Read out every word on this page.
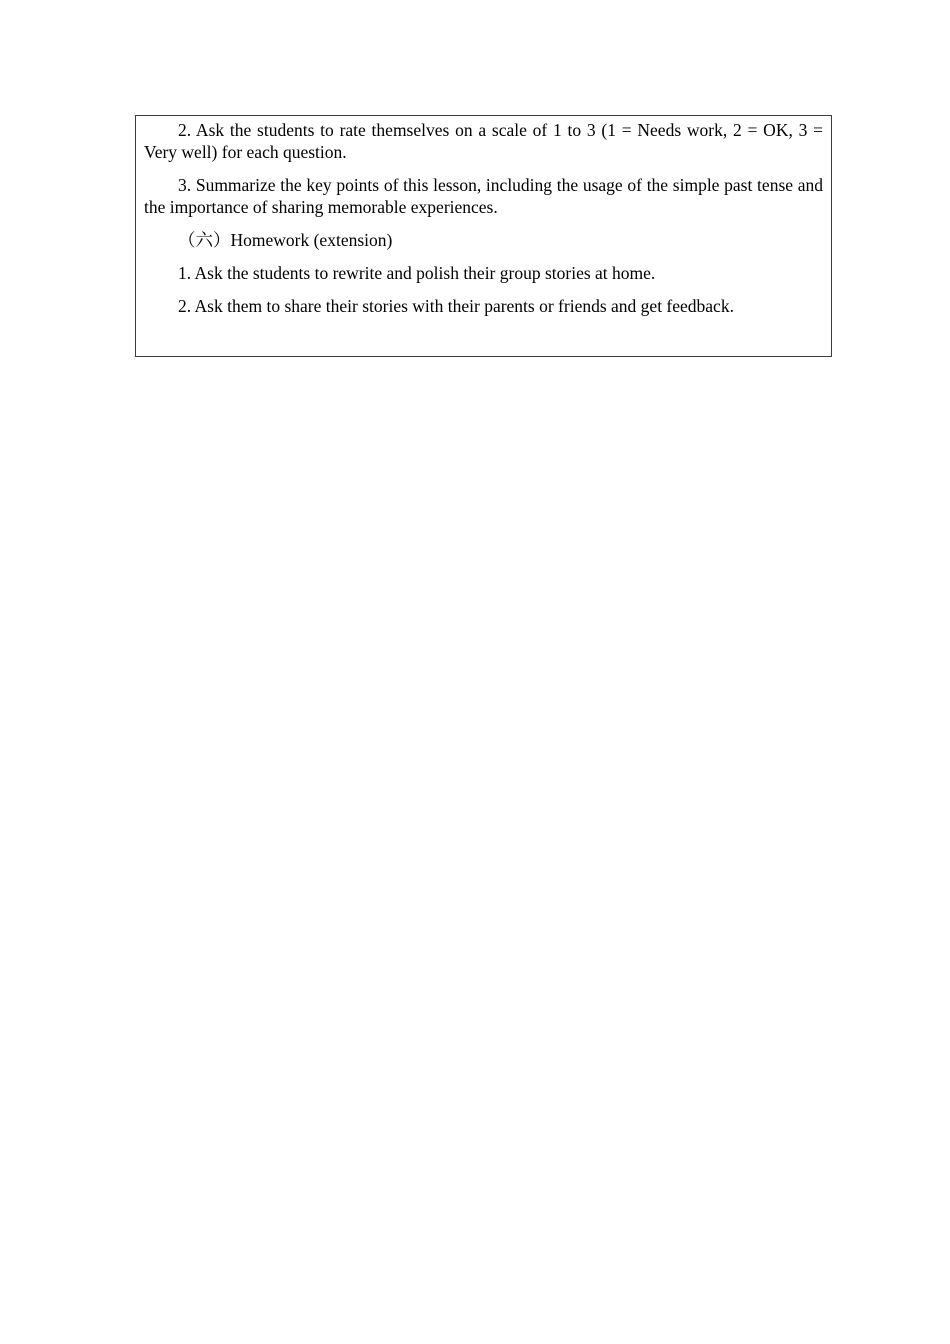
2. Ask the students to rate themselves on a scale of 1 to 3 (1 = Needs work, 2 = OK, 3 = Very well) for each question.

3. Summarize the key points of this lesson, including the usage of the simple past tense and the importance of sharing memorable experiences.

（六）Homework (extension)

1. Ask the students to rewrite and polish their group stories at home.

2. Ask them to share their stories with their parents or friends and get feedback.
